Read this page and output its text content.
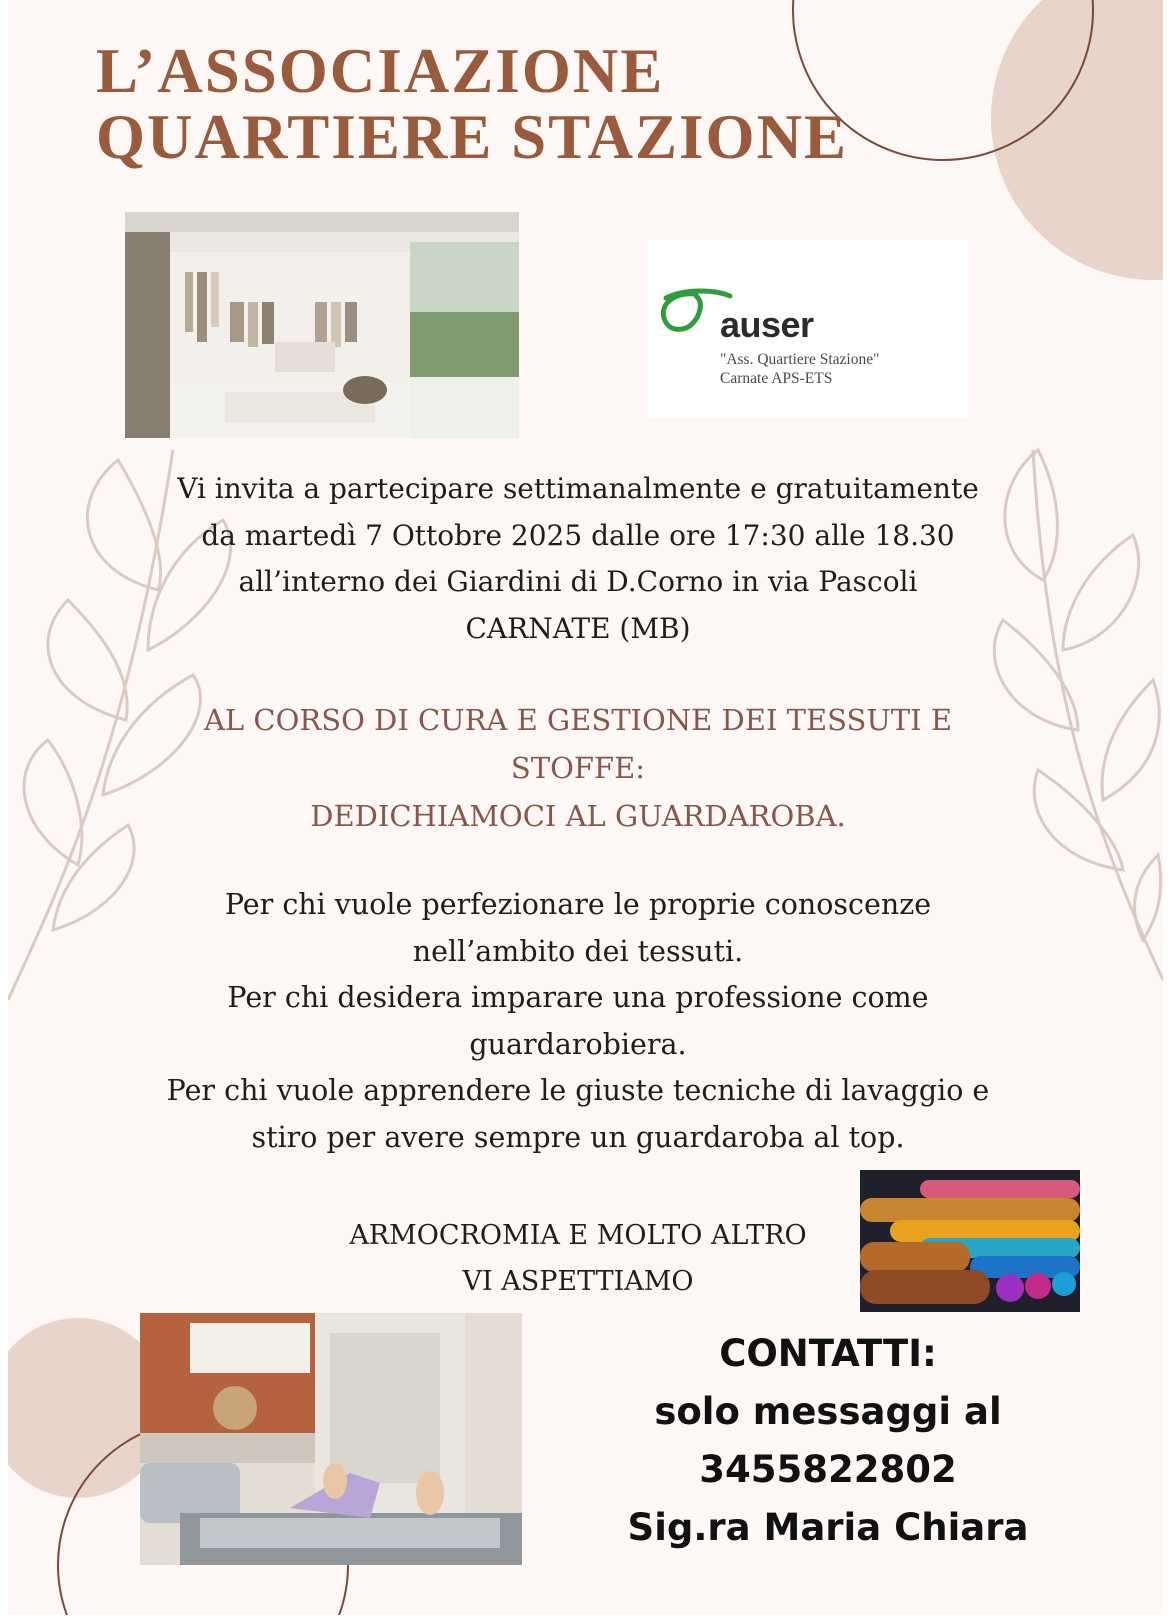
L’ASSOCIAZIONE
QUARTIERE STAZIONE
auser
"Ass. Quartiere Stazione"
Carnate APS-ETS

Vi invita a partecipare settimanalmente e gratuitamente
da martedì 7 Ottobre 2025 dalle ore 17:30 alle 18.30
all’interno dei Giardini di D.Corno in via Pascoli
CARNATE (MB)

AL CORSO DI CURA E GESTIONE DEI TESSUTI E
STOFFE:
DEDICHIAMOCI AL GUARDAROBA.

Per chi vuole perfezionare le proprie conoscenze
nell’ambito dei tessuti.
Per chi desidera imparare una professione come
guardarobiera.
Per chi vuole apprendere le giuste tecniche di lavaggio e
stiro per avere sempre un guardaroba al top.

ARMOCROMIA E MOLTO ALTRO
VI ASPETTIAMO

CONTATTI:
solo messaggi al
3455822802
Sig.ra Maria Chiara
